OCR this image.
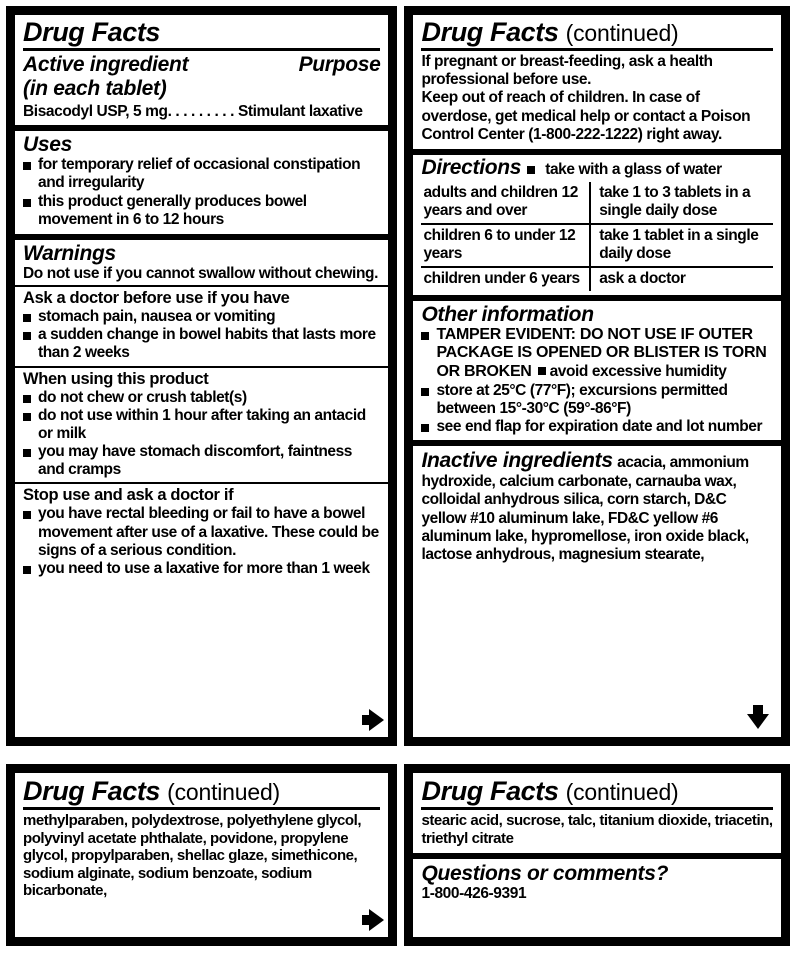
Drug Facts
Active ingredient	Purpose
(in each tablet)
Bisacodyl USP, 5 mg. . . . . . . . . Stimulant laxative
Uses
for temporary relief of occasional constipation and irregularity
this product generally produces bowel movement in 6 to 12 hours
Warnings
Do not use if you cannot swallow without chewing.
Ask a doctor before use if you have
stomach pain, nausea or vomiting
a sudden change in bowel habits that lasts more than 2 weeks
When using this product
do not chew or crush tablet(s)
do not use within 1 hour after taking an antacid or milk
you may have stomach discomfort, faintness and cramps
Stop use and ask a doctor if
you have rectal bleeding or fail to have a bowel movement after use of a laxative. These could be signs of a serious condition.
you need to use a laxative for more than 1 week
Drug Facts (continued)
If pregnant or breast-feeding, ask a health professional before use.
Keep out of reach of children. In case of overdose, get medical help or contact a Poison Control Center (1-800-222-1222) right away.
Directions take with a glass of water
adults and children 12 years and over	take 1 to 3 tablets in a single daily dose
children 6 to under 12 years	take 1 tablet in a single daily dose
children under 6 years	ask a doctor
Other information
TAMPER EVIDENT: DO NOT USE IF OUTER PACKAGE IS OPENED OR BLISTER IS TORN OR BROKEN avoid excessive humidity
store at 25°C (77°F); excursions permitted between 15°-30°C (59°-86°F)
see end flap for expiration date and lot number
Inactive ingredients acacia, ammonium hydroxide, calcium carbonate, carnauba wax, colloidal anhydrous silica, corn starch, D&C yellow #10 aluminum lake, FD&C yellow #6 aluminum lake, hypromellose, iron oxide black, lactose anhydrous, magnesium stearate,
Drug Facts (continued)
methylparaben, polydextrose, polyethylene glycol, polyvinyl acetate phthalate, povidone, propylene glycol, propylparaben, shellac glaze, simethicone, sodium alginate, sodium benzoate, sodium bicarbonate,
Drug Facts (continued)
stearic acid, sucrose, talc, titanium dioxide, triacetin, triethyl citrate
Questions or comments?
1-800-426-9391
